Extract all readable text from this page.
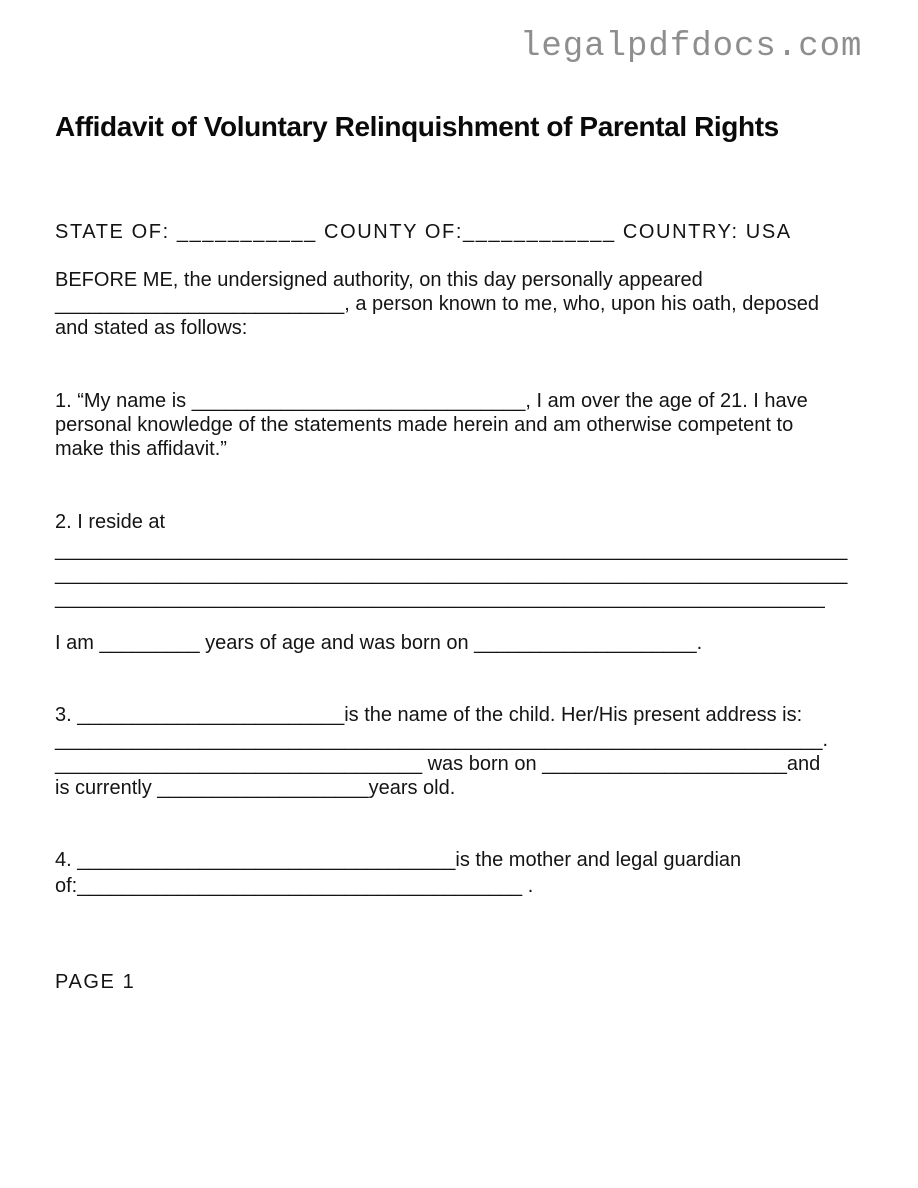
legalpdfdocs.com
Affidavit of Voluntary Relinquishment of Parental Rights
STATE OF: ___________ COUNTY OF:____________ COUNTRY: USA
BEFORE ME, the undersigned authority, on this day personally appeared
__________________________, a person known to me, who, upon his oath, deposed
and stated as follows:
1. “My name is ______________________________, I am over the age of 21. I have
personal knowledge of the statements made herein and am otherwise competent to
make this affidavit.”
2. I reside at
______________________________________________________________________
______________________________________________________________________
____________________________________________________________________
I am _________ years of age and was born on ____________________.
3. ________________________is the name of the child. Her/His present address is:
_____________________________________________________________________.
_________________________________ was born on ______________________and
is currently ___________________years old.
4. __________________________________is the mother and legal guardian
of:________________________________________ .
PAGE 1
